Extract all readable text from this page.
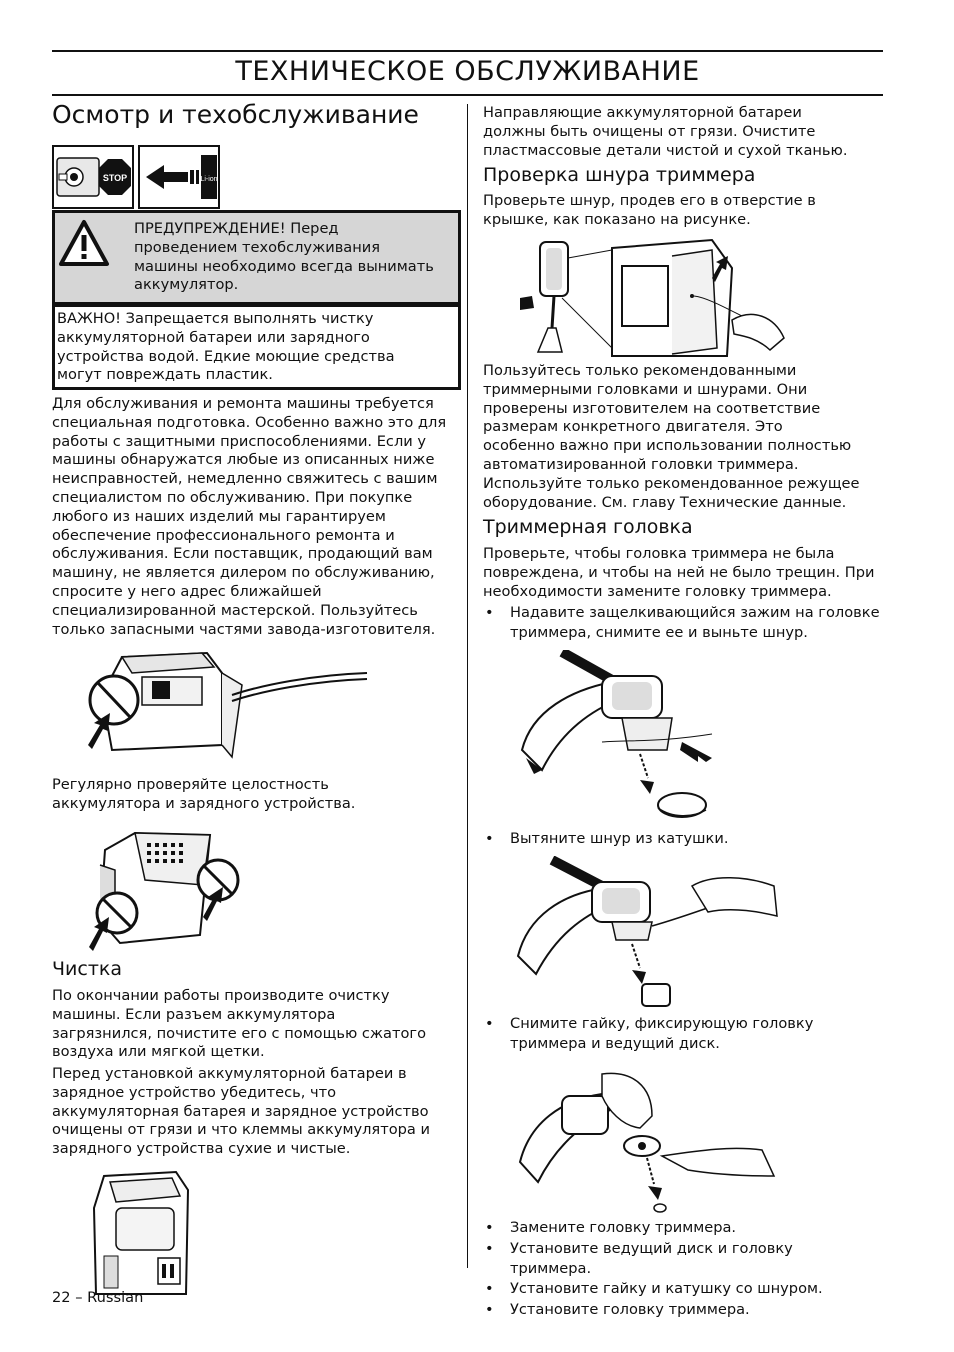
ТЕХНИЧЕСКОЕ ОБСЛУЖИВАНИЕ
Осмотр и техобслуживание
STOP	Li-ion
ПРЕДУПРЕЖДЕНИЕ! Перед
проведением техобслуживания
машины необходимо всегда вынимать
аккумулятор.
ВАЖНО! Запрещается выполнять чистку
аккумуляторной батареи или зарядного
устройства водой. Едкие моющие средства
могут повреждать пластик.
Для обслуживания и ремонта машины требуется
специальная подготовка. Особенно важно это для
работы с защитными приспособлениями. Если у
машины обнаружатся любые из описанных ниже
неисправностей, немедленно свяжитесь с вашим
специалистом по обслуживанию. При покупке
любого из наших изделий мы гарантируем
обеспечение профессионального ремонта и
обслуживания. Если поставщик, продающий вам
машину, не является дилером по обслуживанию,
спросите у него адрес ближайшей
специализированной мастерской. Пользуйтесь
только запасными частями завода-изготовителя.
Регулярно проверяйте целостность
аккумулятора и зарядного устройства.
Чистка
По окончании работы производите очистку
машины. Если разъем аккумулятора
загрязнился, почистите его с помощью сжатого
воздуха или мягкой щетки.
Перед установкой аккумуляторной батареи в
зарядное устройство убедитесь, что
аккумуляторная батарея и зарядное устройство
очищены от грязи и что клеммы аккумулятора и
зарядного устройства сухие и чистые.
22 – Russian
Направляющие аккумуляторной батареи
должны быть очищены от грязи. Очистите
пластмассовые детали чистой и сухой тканью.
Проверка шнура триммера
Проверьте шнур, продев его в отверстие в
крышке, как показано на рисунке.
Пользуйтесь только рекомендованными
триммерными головками и шнурами. Они
проверены изготовителем на соответствие
размерам конкретного двигателя. Это
особенно важно при использовании полностью
автоматизированной головки триммера.
Используйте только рекомендованное режущее
оборудование. См. главу Технические данные.
Триммерная головка
Проверьте, чтобы головка триммера не была
повреждена, и чтобы на ней не было трещин. При
необходимости замените головку триммера.
• Надавите защелкивающийся зажим на головке
триммера, снимите ее и выньте шнур.
• Вытяните шнур из катушки.
• Снимите гайку, фиксирующую головку
триммера и ведущий диск.
• Замените головку триммера.
• Установите ведущий диск и головку
триммера.
• Установите гайку и катушку со шнуром.
• Установите головку триммера.
